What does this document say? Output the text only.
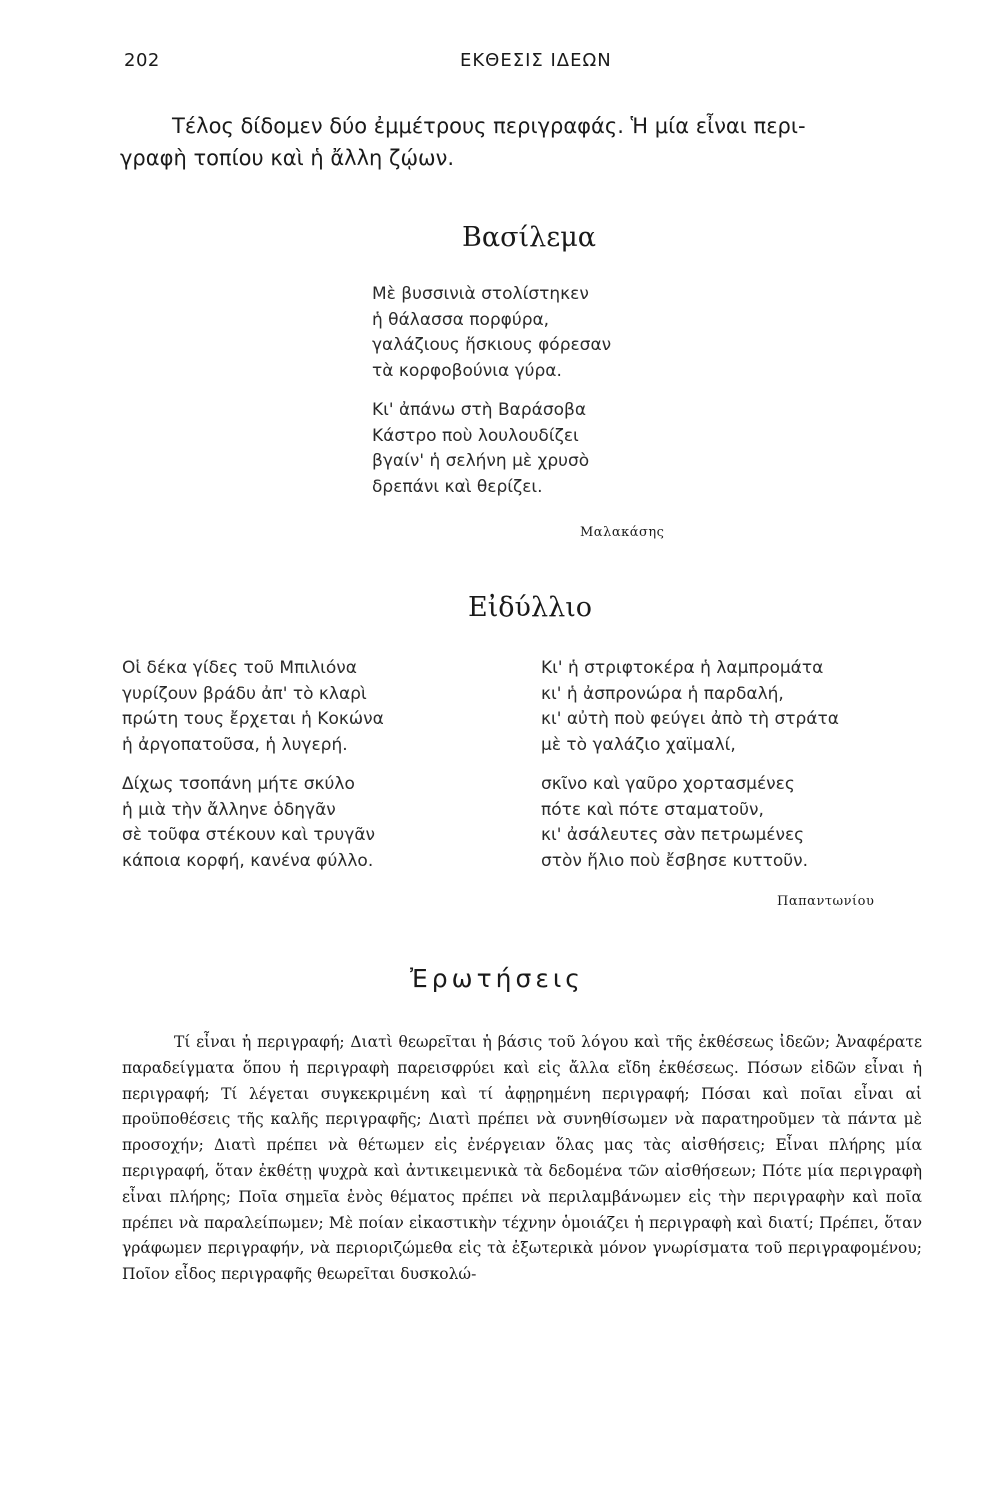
202	ΕΚΘΕΣΙΣ ΙΔΕΩΝ
Τέλος δίδομεν δύο ἐμμέτρους περιγραφάς. Ἡ μία εἶναι περι-
γραφὴ τοπίου καὶ ἡ ἄλλη ζῴων.
Βασίλεμα
Μὲ βυσσινιὰ στολίστηκεν
ἡ θάλασσα πορφύρα,
γαλάζιους ἥσκιους φόρεσαν
τὰ κορφοβούνια γύρα.
Κι' ἀπάνω στὴ Βαράσοβα
Κάστρο ποὺ λουλουδίζει
βγαίν' ἡ σελήνη μὲ χρυσὸ
δρεπάνι καὶ θερίζει.
Μαλακάσης
Εἰδύλλιο
Οἱ δέκα γίδες τοῦ Μπιλιόνα
γυρίζουν βράδυ ἀπ' τὸ κλαρὶ
πρώτη τους ἔρχεται ἡ Κοκώνα
ἡ ἀργοπατοῦσα, ἡ λυγερή.
Δίχως τσοπάνη μήτε σκύλο
ἡ μιὰ τὴν ἄλληνε ὁδηγᾶν
σὲ τοῦφα στέκουν καὶ τρυγᾶν
κάποια κορφή, κανένα φύλλο.
Κι' ἡ στριφτοκέρα ἡ λαμπρομάτα
κι' ἡ ἀσπρονώρα ἡ παρδαλή,
κι' αὐτὴ ποὺ φεύγει ἀπὸ τὴ στράτα
μὲ τὸ γαλάζιο χαϊμαλί,
σκῖνο καὶ γαῦρο χορτασμένες
πότε καὶ πότε σταματοῦν,
κι' ἀσάλευτες σὰν πετρωμένες
στὸν ἥλιο ποὺ ἔσβησε κυττοῦν.
Παπαντωνίου
Ἐρωτήσεις
Τί εἶναι ἡ περιγραφή; Διατὶ θεωρεῖται ἡ βάσις τοῦ λόγου καὶ τῆς ἐκθέσεως ἰδεῶν; Ἀναφέρατε παραδείγματα ὅπου ἡ περιγραφὴ παρεισφρύει καὶ εἰς ἄλλα εἴδη ἐκθέσεως. Πόσων εἰδῶν εἶναι ἡ περιγραφή; Τί λέγεται συγκεκριμένη καὶ τί ἀφῃρημένη περιγραφή; Πόσαι καὶ ποῖαι εἶναι αἱ προϋποθέσεις τῆς καλῆς περιγραφῆς; Διατὶ πρέπει νὰ συνηθίσωμεν νὰ παρατηροῦμεν τὰ πάντα μὲ προσοχήν; Διατὶ πρέπει νὰ θέτωμεν εἰς ἐνέργειαν ὅλας μας τὰς αἰσθήσεις; Εἶναι πλήρης μία περιγραφή, ὅταν ἐκθέτῃ ψυχρὰ καὶ ἀντικειμενικὰ τὰ δεδομένα τῶν αἰσθήσεων; Πότε μία περιγραφὴ εἶναι πλήρης; Ποῖα σημεῖα ἑνὸς θέματος πρέπει νὰ περιλαμβάνωμεν εἰς τὴν περιγραφὴν καὶ ποῖα πρέπει νὰ παραλείπωμεν; Μὲ ποίαν εἰκαστικὴν τέχνην ὁμοιάζει ἡ περιγραφὴ καὶ διατί; Πρέπει, ὅταν γράφωμεν περιγραφήν, νὰ περιοριζώμεθα εἰς τὰ ἐξωτερικὰ μόνον γνωρίσματα τοῦ περιγραφομένου; Ποῖον εἶδος περιγραφῆς θεωρεῖται δυσκολώ-
